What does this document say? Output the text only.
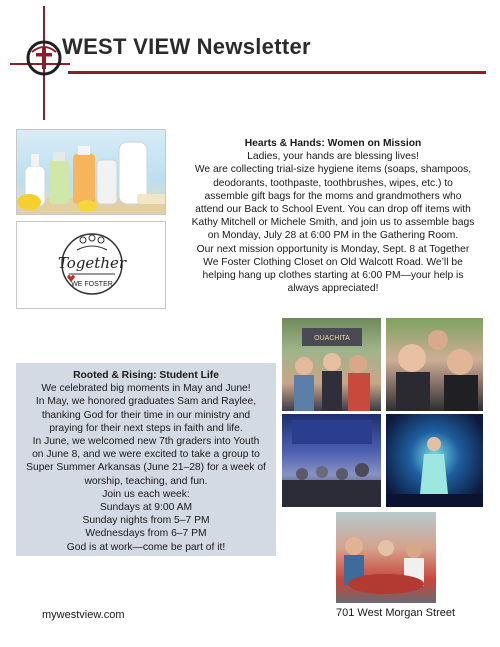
WEST VIEW Newsletter
Together
WE FOSTER
Hearts & Hands: Women on Mission
Ladies, your hands are blessing lives!
We are collecting trial-size hygiene items (soaps, shampoos,
deodorants, toothpaste, toothbrushes, wipes, etc.) to
assemble gift bags for the moms and grandmothers who
attend our Back to School Event. You can drop off items with
Kathy Mitchell or Michele Smith, and join us to assemble bags
on Monday, July 28 at 6:00 PM in the Gathering Room.
Our next mission opportunity is Monday, Sept. 8 at Together
We Foster Clothing Closet on Old Walcott Road. We’ll be
helping hang up clothes starting at 6:00 PM—your help is
always appreciated!
Rooted & Rising: Student Life
We celebrated big moments in May and June!
In May, we honored graduates Sam and Raylee,
thanking God for their time in our ministry and
praying for their next steps in faith and life.
In June, we welcomed new 7th graders into Youth
on June 8, and we were excited to take a group to
Super Summer Arkansas (June 21–28) for a week of
worship, teaching, and fun.
Join us each week:
Sundays at 9:00 AM
Sunday nights from 5–7 PM
Wednesdays from 6–7 PM
God is at work—come be part of it!
OUACHITA
mywestview.com	701 West Morgan Street
